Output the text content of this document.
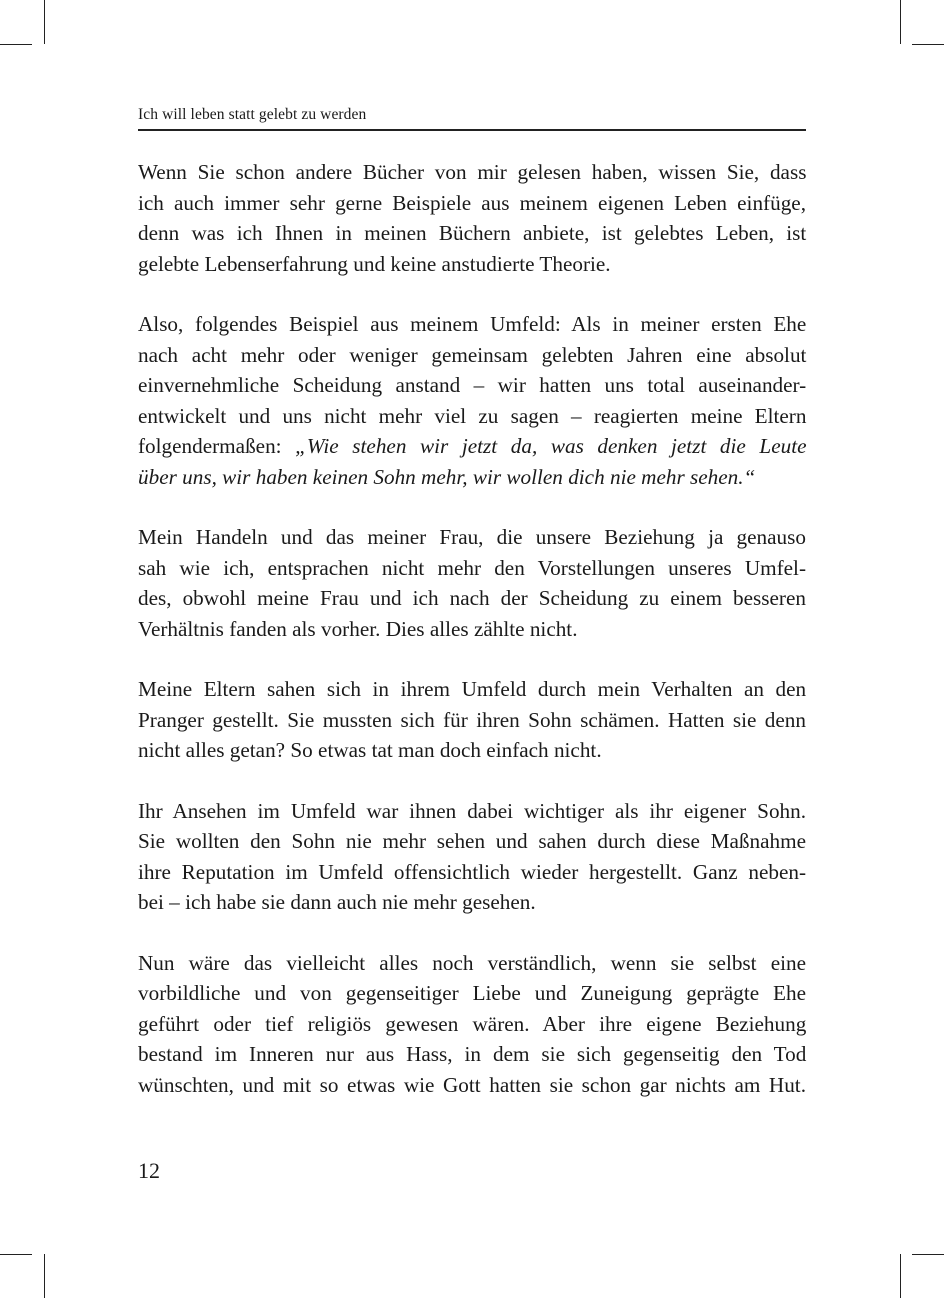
Ich will leben statt gelebt zu werden
Wenn Sie schon andere Bücher von mir gelesen haben, wissen Sie, dass
ich auch immer sehr gerne Beispiele aus meinem eigenen Leben einfüge,
denn was ich Ihnen in meinen Büchern anbiete, ist gelebtes Leben, ist
gelebte Lebenserfahrung und keine anstudierte Theorie.
Also, folgendes Beispiel aus meinem Umfeld: Als in meiner ersten Ehe
nach acht mehr oder weniger gemeinsam gelebten Jahren eine absolut
einvernehmliche Scheidung anstand – wir hatten uns total auseinander-
entwickelt und uns nicht mehr viel zu sagen – reagierten meine Eltern
folgendermaßen: „Wie stehen wir jetzt da, was denken jetzt die Leute
über uns, wir haben keinen Sohn mehr, wir wollen dich nie mehr sehen.“
Mein Handeln und das meiner Frau, die unsere Beziehung ja genauso
sah wie ich, entsprachen nicht mehr den Vorstellungen unseres Umfel-
des, obwohl meine Frau und ich nach der Scheidung zu einem besseren
Verhältnis fanden als vorher. Dies alles zählte nicht.
Meine Eltern sahen sich in ihrem Umfeld durch mein Verhalten an den
Pranger gestellt. Sie mussten sich für ihren Sohn schämen. Hatten sie denn
nicht alles getan? So etwas tat man doch einfach nicht.
Ihr Ansehen im Umfeld war ihnen dabei wichtiger als ihr eigener Sohn.
Sie wollten den Sohn nie mehr sehen und sahen durch diese Maßnahme
ihre Reputation im Umfeld offensichtlich wieder hergestellt. Ganz neben-
bei – ich habe sie dann auch nie mehr gesehen.
Nun wäre das vielleicht alles noch verständlich, wenn sie selbst eine
vorbildliche und von gegenseitiger Liebe und Zuneigung geprägte Ehe
geführt oder tief religiös gewesen wären. Aber ihre eigene Beziehung
bestand im Inneren nur aus Hass, in dem sie sich gegenseitig den Tod
wünschten, und mit so etwas wie Gott hatten sie schon gar nichts am Hut.
12
